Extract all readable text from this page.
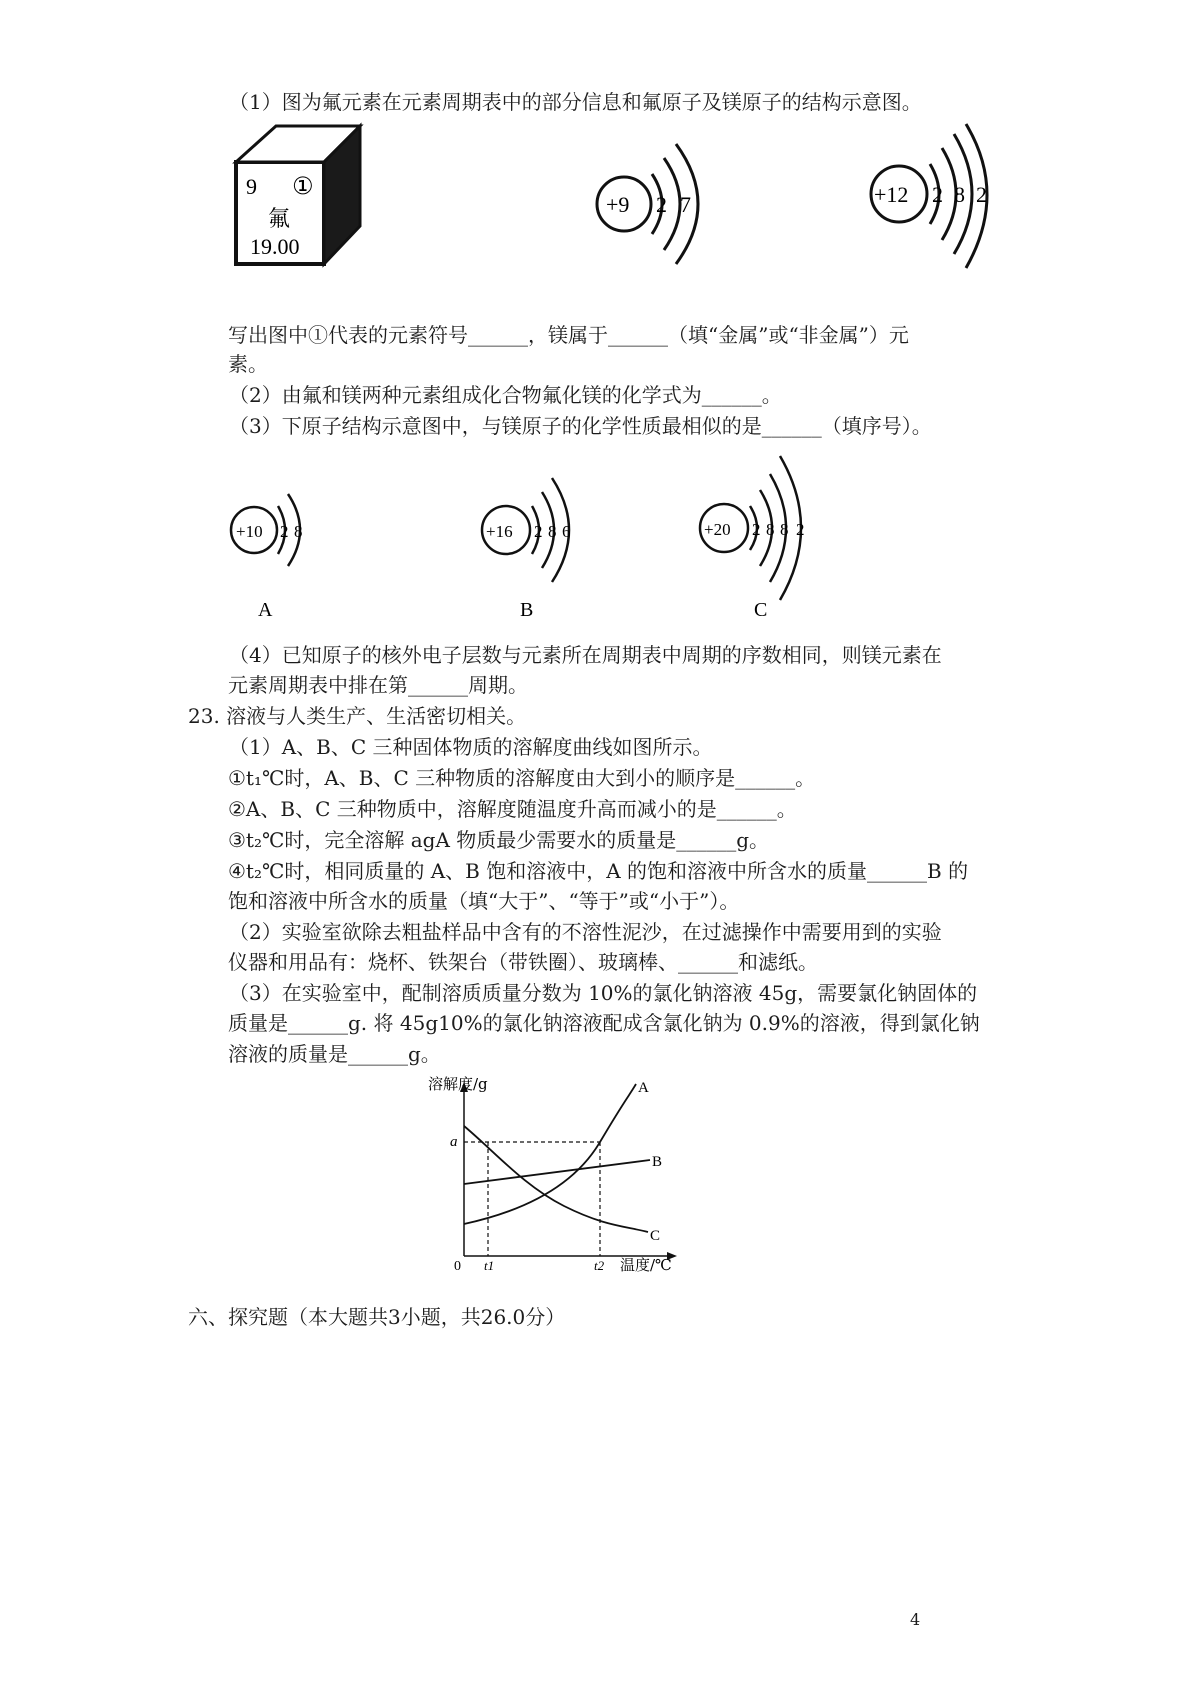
（1）图为氟元素在元素周期表中的部分信息和氟原子及镁原子的结构示意图。
9 ①
氟
19.00
+9 2 7	+12 2 8 2
写出图中①代表的元素符号______，镁属于______（填“金属”或“非金属”）元
素。
（2）由氟和镁两种元素组成化合物氟化镁的化学式为______。
（3）下原子结构示意图中，与镁原子的化学性质最相似的是______（填序号）。
+10 2 8
A
+16 2 8 6
B
+20 2 8 8 2
C
（4）已知原子的核外电子层数与元素所在周期表中周期的序数相同，则镁元素在
元素周期表中排在第______周期。
23. 溶液与人类生产、生活密切相关。
（1）A、B、C 三种固体物质的溶解度曲线如图所示。
①t₁℃时，A、B、C 三种物质的溶解度由大到小的顺序是______。
②A、B、C 三种物质中，溶解度随温度升高而减小的是______。
③t₂℃时，完全溶解 agA 物质最少需要水的质量是______g。
④t₂℃时，相同质量的 A、B 饱和溶液中，A 的饱和溶液中所含水的质量______B 的
饱和溶液中所含水的质量（填“大于”、“等于”或“小于”）。
（2）实验室欲除去粗盐样品中含有的不溶性泥沙，在过滤操作中需要用到的实验
仪器和用品有：烧杯、铁架台（带铁圈）、玻璃棒、______和滤纸。
（3）在实验室中，配制溶质质量分数为 10%的氯化钠溶液 45g，需要氯化钠固体的
质量是______g. 将 45g10%的氯化钠溶液配成含氯化钠为 0.9%的溶液，得到氯化钠
溶液的质量是______g。
溶解度/g
温度/℃
0 t1	t2
a
A
B
C
六、探究题（本大题共3小题，共26.0分）
4
